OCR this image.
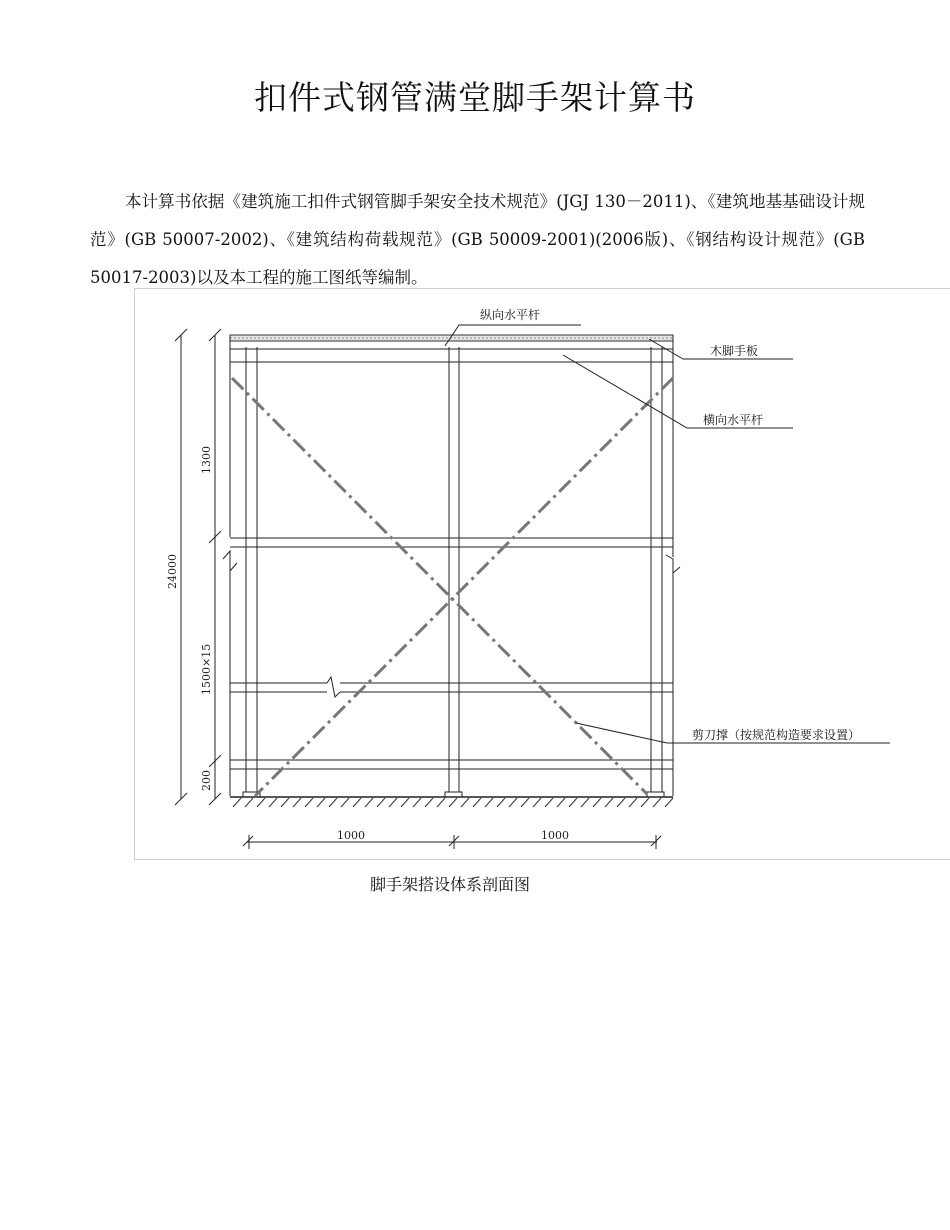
扣件式钢管满堂脚手架计算书

本计算书依据《建筑施工扣件式钢管脚手架安全技术规范》(JGJ 130－2011)、《建筑地基基础设计规范》(GB 50007-2002)、《建筑结构荷载规范》(GB 50009-2001)(2006版)、《钢结构设计规范》(GB 50017-2003)以及本工程的施工图纸等编制。

纵向水平杆
木脚手板
横向水平杆
剪刀撑（按规范构造要求设置）
24000
1300
1500×15
200
1000	1000

脚手架搭设体系剖面图
